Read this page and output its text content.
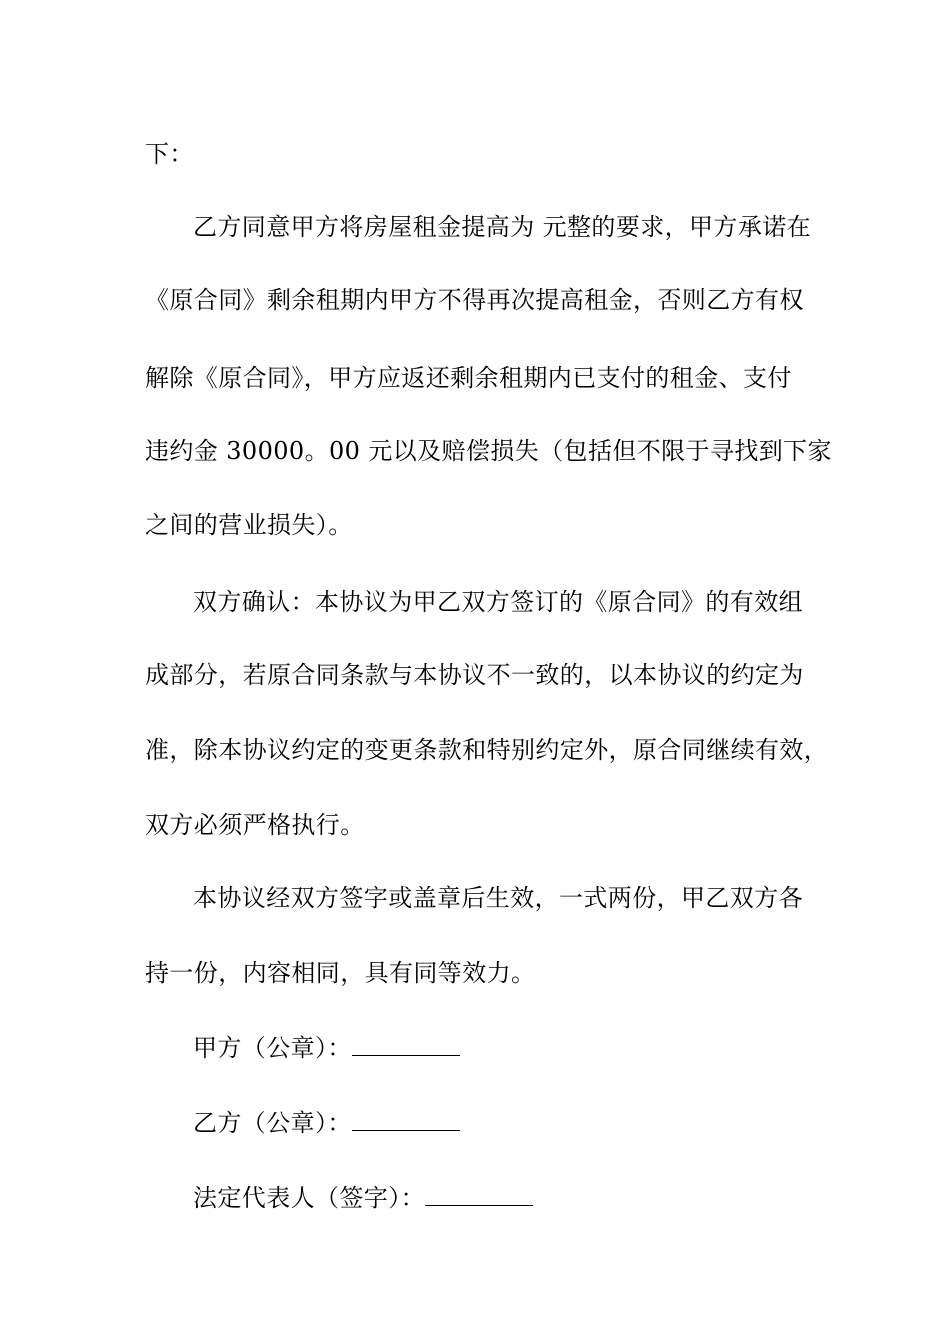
下：
乙方同意甲方将房屋租金提高为 元整的要求，甲方承诺在
《原合同》剩余租期内甲方不得再次提高租金，否则乙方有权
解除《原合同》，甲方应返还剩余租期内已支付的租金、支付
违约金 30000。00 元以及赔偿损失（包括但不限于寻找到下家
之间的营业损失）。
双方确认：本协议为甲乙双方签订的《原合同》的有效组
成部分，若原合同条款与本协议不一致的，以本协议的约定为
准，除本协议约定的变更条款和特别约定外，原合同继续有效，
双方必须严格执行。
本协议经双方签字或盖章后生效，一式两份，甲乙双方各
持一份，内容相同，具有同等效力。
甲方（公章）：
乙方（公章）：
法定代表人（签字）：
